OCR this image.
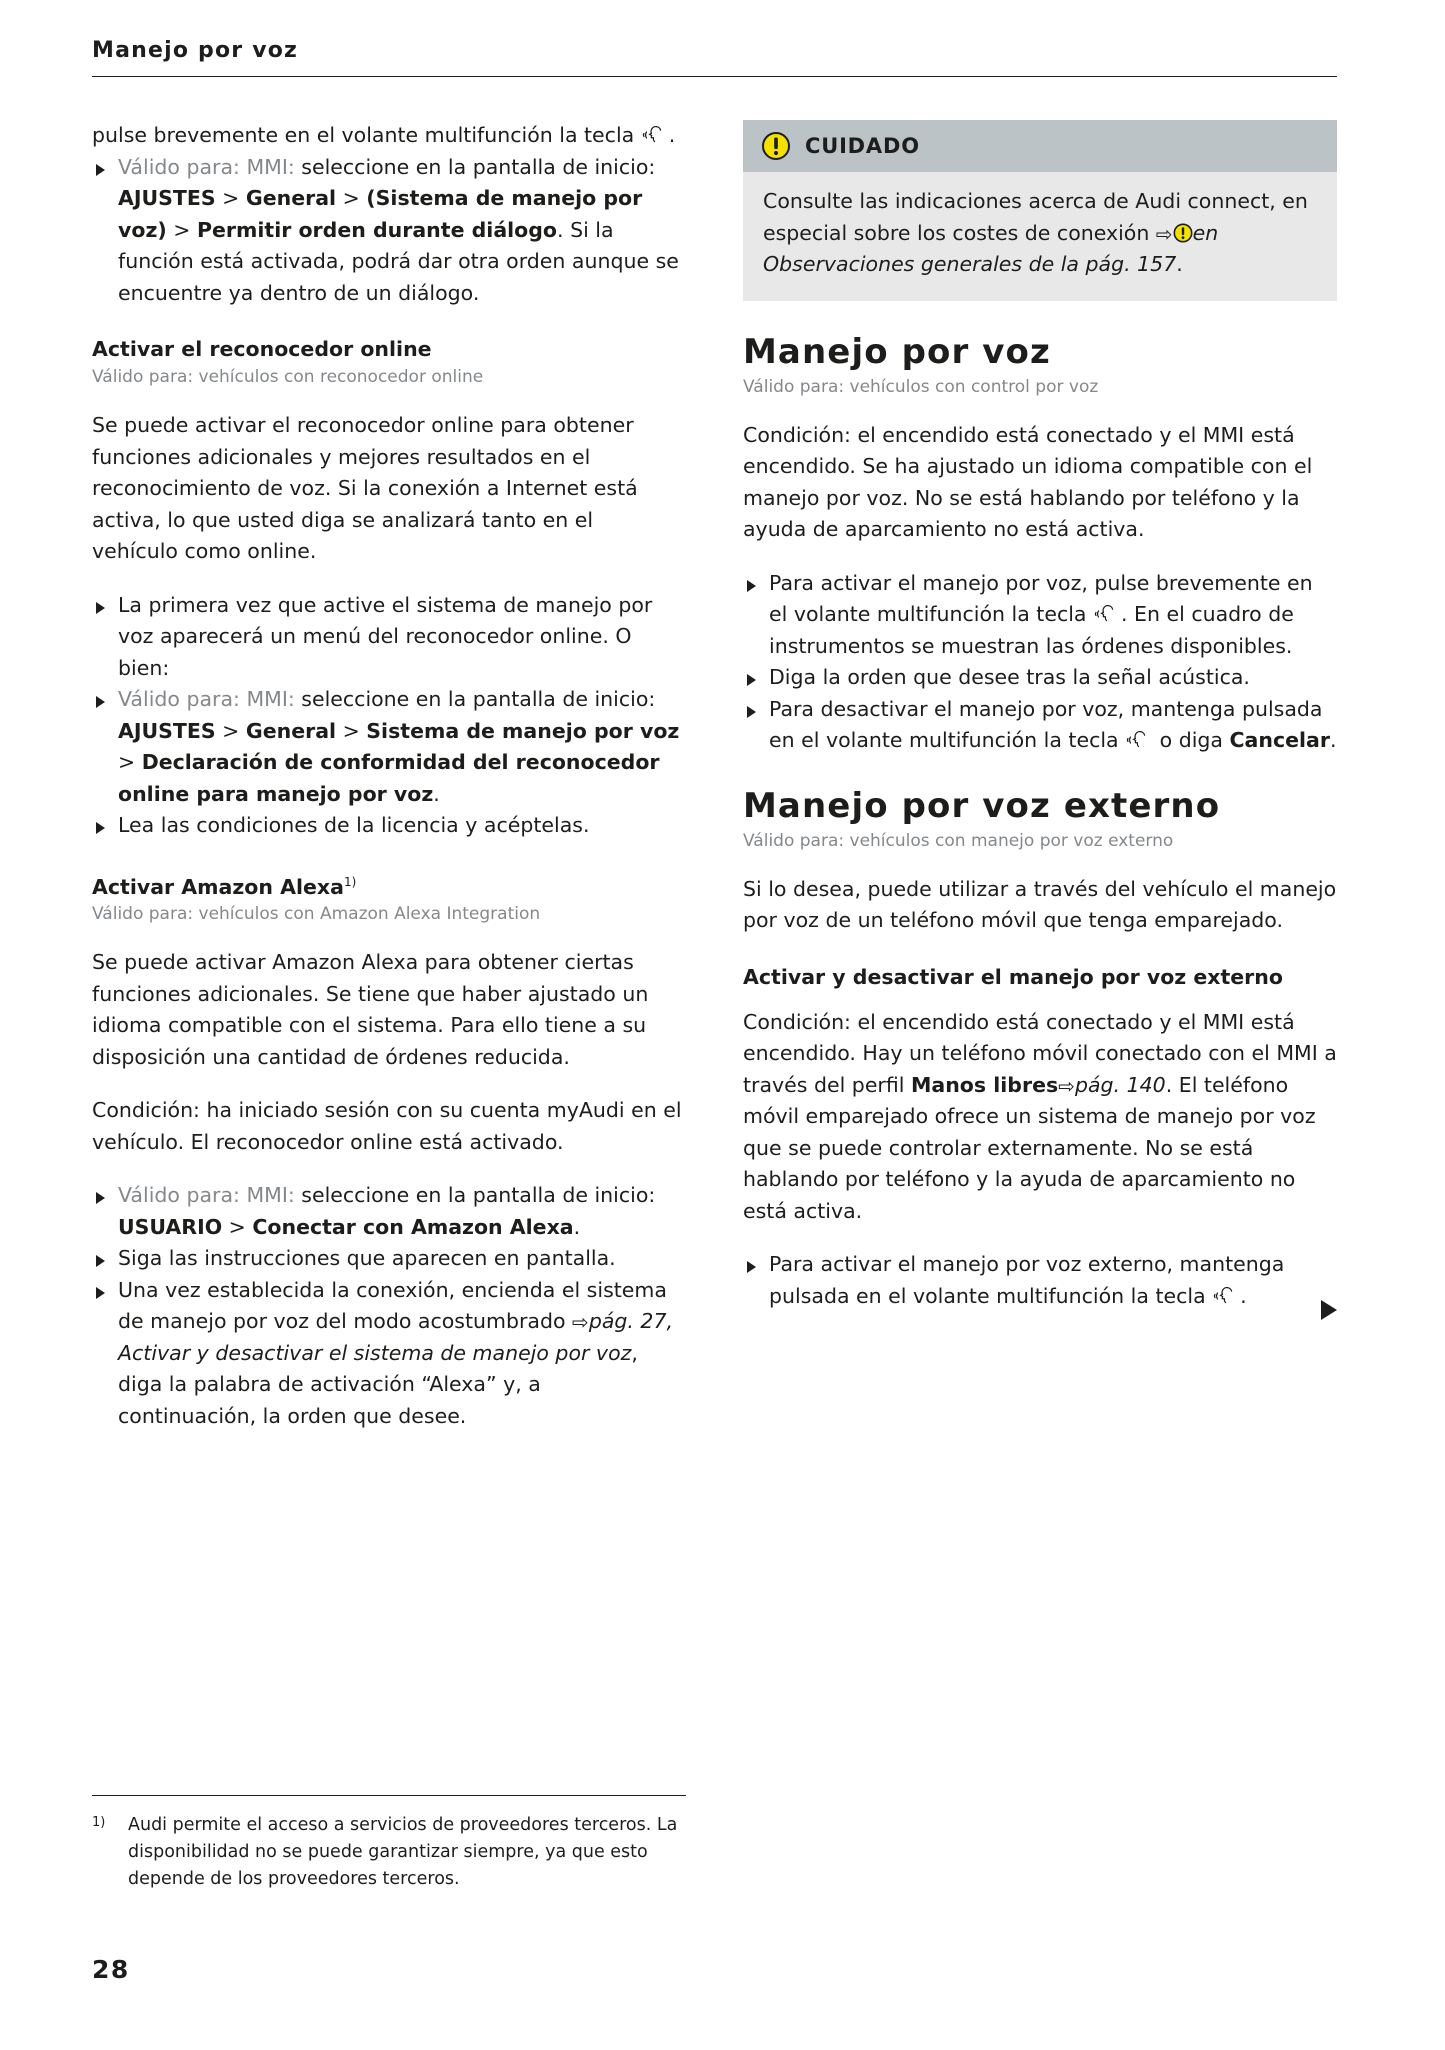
Manejo por voz

pulse brevemente en el volante multifunción la tecla
.

Válido para: MMI: seleccione en la pantalla de inicio: AJUSTES > General > (Sistema de manejo por voz) > Permitir orden durante diálogo. Si la función está activada, podrá dar otra orden aunque se encuentre ya dentro de un diálogo.
Activar el reconocedor online
Válido para: vehículos con reconocedor online

Se puede activar el reconocedor online para obtener funciones adicionales y mejores resultados en el reconocimiento de voz. Si la conexión a Internet está activa, lo que usted diga se analizará tanto en el vehículo como online.

La primera vez que active el sistema de manejo por voz aparecerá un menú del reconocedor online. O bien:
Válido para: MMI: seleccione en la pantalla de inicio: AJUSTES > General > Sistema de manejo por voz > Declaración de conformidad del reconocedor online para manejo por voz.
Lea las condiciones de la licencia y acéptelas.
Activar Amazon Alexa$^{1)}$
Válido para: vehículos con Amazon Alexa Integration

Se puede activar Amazon Alexa para obtener ciertas funciones adicionales. Se tiene que haber ajustado un idioma compatible con el sistema. Para ello tiene a su disposición una cantidad de órdenes reducida.

Condición: ha iniciado sesión con su cuenta myAudi en el vehículo. El reconocedor online está activado.

Válido para: MMI: seleccione en la pantalla de inicio: USUARIO > Conectar con Amazon Alexa.
Siga las instrucciones que aparecen en pantalla.
Una vez establecida la conexión, encienda el sistema de manejo por voz del modo acostumbrado ⇨pág. 27, Activar y desactivar el sistema de manejo por voz, diga la palabra de activación “Alexa” y, a continuación, la orden que desee.
CUIDADO

Consulte las indicaciones acerca de Audi connect, en especial sobre los costes de conexión ⇨ en Observaciones generales de la pág. 157.

Manejo por voz
Válido para: vehículos con control por voz

Condición: el encendido está conectado y el MMI está encendido. Se ha ajustado un idioma compatible con el manejo por voz. No se está hablando por teléfono y la ayuda de aparcamiento no está activa.

Para activar el manejo por voz, pulse brevemente en el volante multifunción la tecla
. En el cuadro de instrumentos se muestran las órdenes disponibles.
Diga la orden que desee tras la señal acústica.
Para desactivar el manejo por voz, mantenga pulsada en el volante multifunción la tecla
o diga Cancelar.
Manejo por voz externo
Válido para: vehículos con manejo por voz externo

Si lo desea, puede utilizar a través del vehículo el manejo por voz de un teléfono móvil que tenga emparejado.

Activar y desactivar el manejo por voz externo

Condición: el encendido está conectado y el MMI está encendido. Hay un teléfono móvil conectado con el MMI a través del perfil Manos libres⇨pág. 140. El teléfono móvil emparejado ofrece un sistema de manejo por voz que se puede controlar externamente. No se está hablando por teléfono y la ayuda de aparcamiento no está activa.

Para activar el manejo por voz externo, mantenga pulsada en el volante multifunción la tecla
.
1)	Audi permite el acceso a servicios de proveedores terceros. La disponibilidad no se puede garantizar siempre, ya que esto depende de los proveedores terceros.
28
